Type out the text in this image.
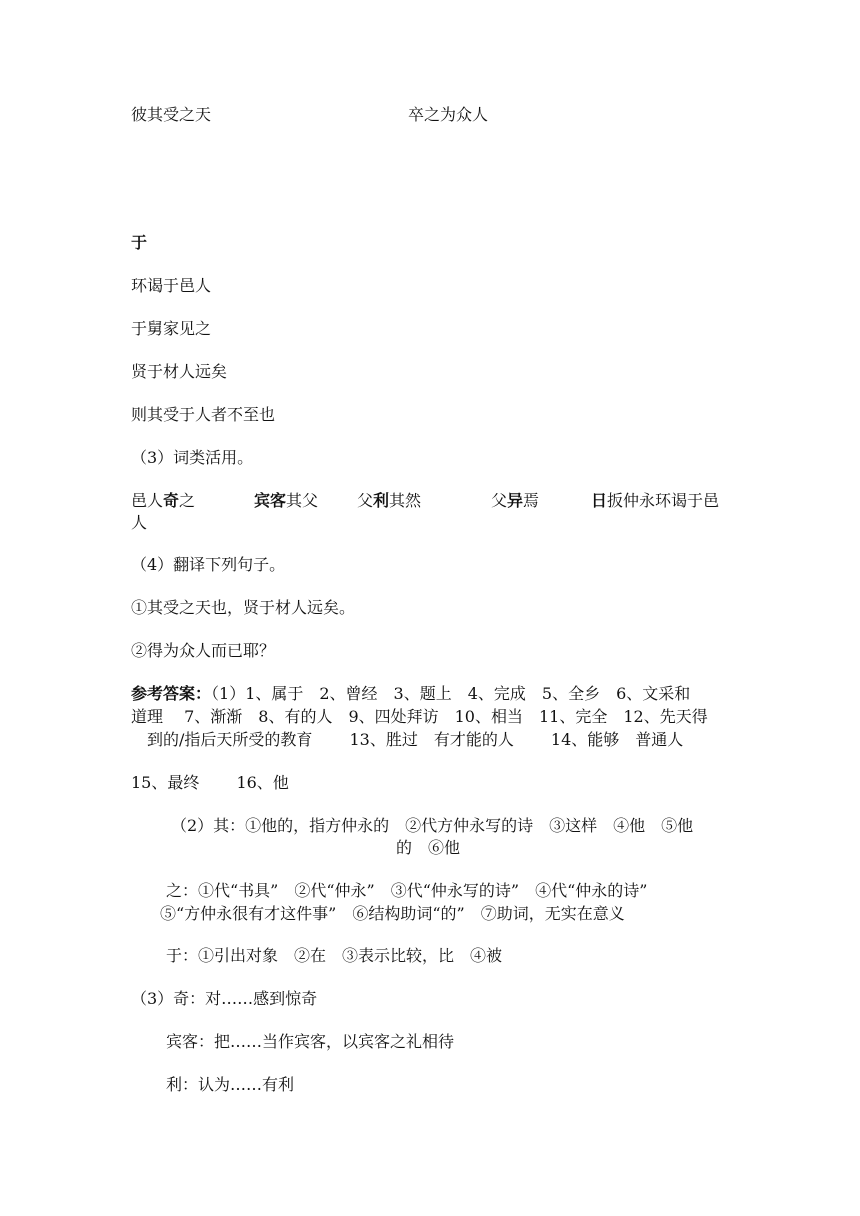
彼其受之天	卒之为众人
于
环谒于邑人
于舅家见之
贤于材人远矣
则其受于人者不至也
（3）词类活用。
邑人奇之	宾客其父 父利其然	父异焉	日扳仲永环谒于邑
人
（4）翻译下列句子。
①其受之天也，贤于材人远矣。
②得为众人而已耶？
参考答案：（1）1、属于　2、曾经　3、题上　4、完成　5、全乡　6、文采和
道理　 7、渐渐　8、有的人　9、四处拜访　10、相当　11、完全　12、先天得
到的/指后天所受的教育　　 13、胜过　有才能的人　　 14、能够　普通人
15、最终　　 16、他
（2）其：①他的，指方仲永的　②代方仲永写的诗　③这样　④他　⑤他
的　⑥他
之：①代“书具”　②代“仲永”　③代“仲永写的诗”　④代“仲永的诗”
⑤“方仲永很有才这件事”　⑥结构助词“的”　⑦助词，无实在意义
于：①引出对象　②在　③表示比较，比　④被
（3）奇：对……感到惊奇
宾客：把……当作宾客，以宾客之礼相待
利：认为……有利
